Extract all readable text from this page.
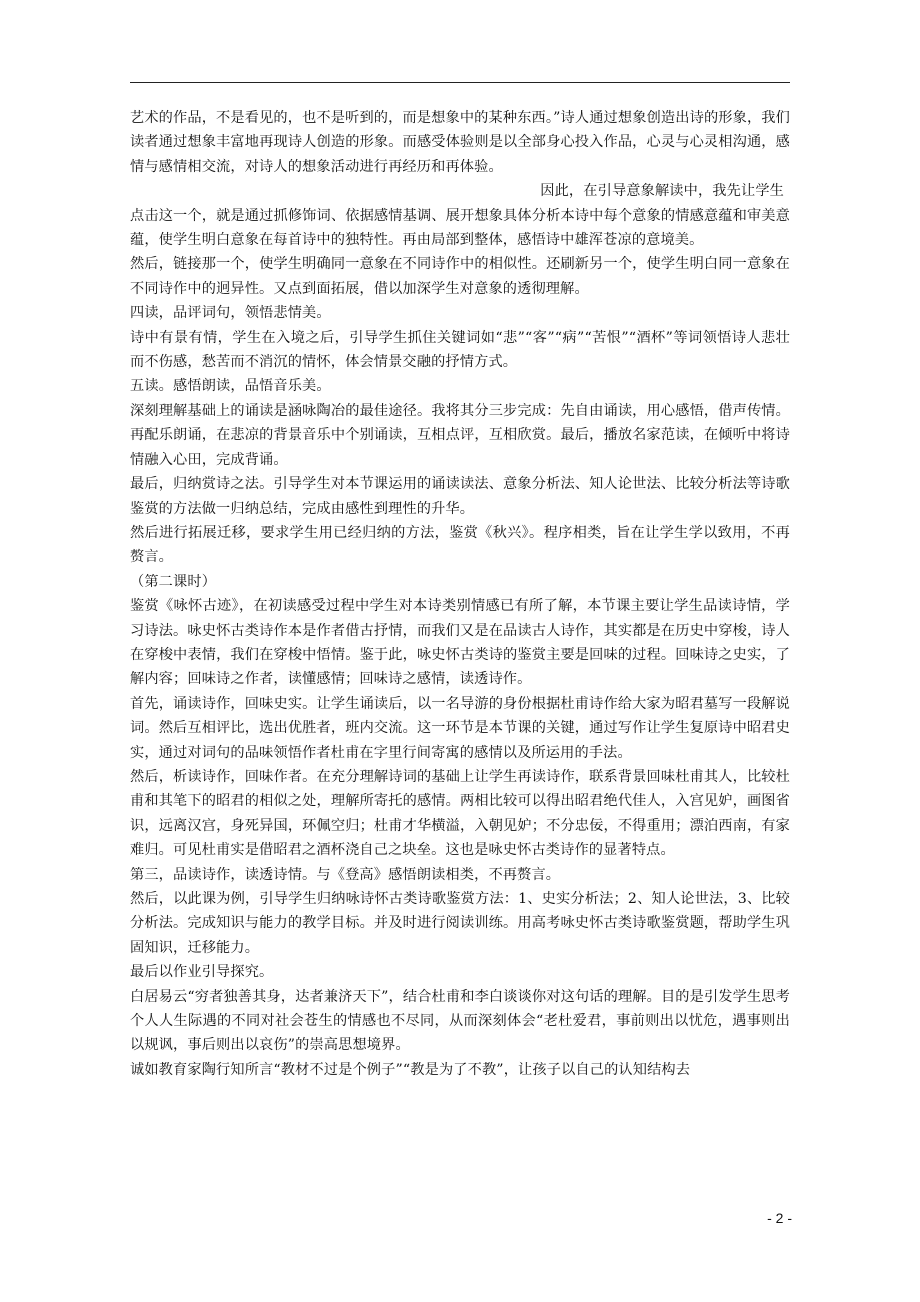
艺术的作品，不是看见的，也不是听到的，而是想象中的某种东西。”诗人通过想象创造出诗的形象，我们读者通过想象丰富地再现诗人创造的形象。而感受体验则是以全部身心投入作品，心灵与心灵相沟通，感情与感情相交流，对诗人的想象活动进行再经历和再体验。

因此，在引导意象解读中，我先让学生

点击这一个，就是通过抓修饰词、依据感情基调、展开想象具体分析本诗中每个意象的情感意蕴和审美意蕴，使学生明白意象在每首诗中的独特性。再由局部到整体，感悟诗中雄浑苍凉的意境美。

然后，链接那一个，使学生明确同一意象在不同诗作中的相似性。还刷新另一个，使学生明白同一意象在不同诗作中的迥异性。又点到面拓展，借以加深学生对意象的透彻理解。

四读，品评词句，领悟悲情美。

诗中有景有情，学生在入境之后，引导学生抓住关键词如“悲”“客”“病”“苦恨”“酒杯”等词领悟诗人悲壮而不伤感，愁苦而不消沉的情怀，体会情景交融的抒情方式。

五读。感悟朗读，品悟音乐美。

深刻理解基础上的诵读是涵咏陶冶的最佳途径。我将其分三步完成：先自由诵读，用心感悟，借声传情。再配乐朗诵，在悲凉的背景音乐中个别诵读，互相点评，互相欣赏。最后，播放名家范读，在倾听中将诗情融入心田，完成背诵。

最后，归纳赏诗之法。引导学生对本节课运用的诵读读法、意象分析法、知人论世法、比较分析法等诗歌鉴赏的方法做一归纳总结，完成由感性到理性的升华。

然后进行拓展迁移，要求学生用已经归纳的方法，鉴赏《秋兴》。程序相类，旨在让学生学以致用，不再赘言。

（第二课时）

鉴赏《咏怀古迹》，在初读感受过程中学生对本诗类别情感已有所了解，本节课主要让学生品读诗情，学习诗法。咏史怀古类诗作本是作者借古抒情，而我们又是在品读古人诗作，其实都是在历史中穿梭，诗人在穿梭中表情，我们在穿梭中悟情。鉴于此，咏史怀古类诗的鉴赏主要是回味的过程。回味诗之史实，了解内容；回味诗之作者，读懂感情；回味诗之感情，读透诗作。

首先，诵读诗作，回味史实。让学生诵读后，以一名导游的身份根据杜甫诗作给大家为昭君墓写一段解说词。然后互相评比，选出优胜者，班内交流。这一环节是本节课的关键，通过写作让学生复原诗中昭君史实，通过对词句的品味领悟作者杜甫在字里行间寄寓的感情以及所运用的手法。

然后，析读诗作，回味作者。在充分理解诗词的基础上让学生再读诗作，联系背景回味杜甫其人，比较杜甫和其笔下的昭君的相似之处，理解所寄托的感情。两相比较可以得出昭君绝代佳人，入宫见妒，画图省识，远离汉宫，身死异国，环佩空归；杜甫才华横溢，入朝见妒；不分忠佞，不得重用；漂泊西南，有家难归。可见杜甫实是借昭君之酒杯浇自己之块垒。这也是咏史怀古类诗作的显著特点。

第三，品读诗作，读透诗情。与《登高》感悟朗读相类，不再赘言。

然后，以此课为例，引导学生归纳咏诗怀古类诗歌鉴赏方法：1、史实分析法；2、知人论世法，3、比较分析法。完成知识与能力的教学目标。并及时进行阅读训练。用高考咏史怀古类诗歌鉴赏题，帮助学生巩固知识，迁移能力。

最后以作业引导探究。

白居易云“穷者独善其身，达者兼济天下”，结合杜甫和李白谈谈你对这句话的理解。目的是引发学生思考个人人生际遇的不同对社会苍生的情感也不尽同，从而深刻体会“老杜爱君，事前则出以忧危，遇事则出以规讽，事后则出以哀伤”的崇高思想境界。

诚如教育家陶行知所言“教材不过是个例子”“教是为了不教”，让孩子以自己的认知结构去

- 2 -
